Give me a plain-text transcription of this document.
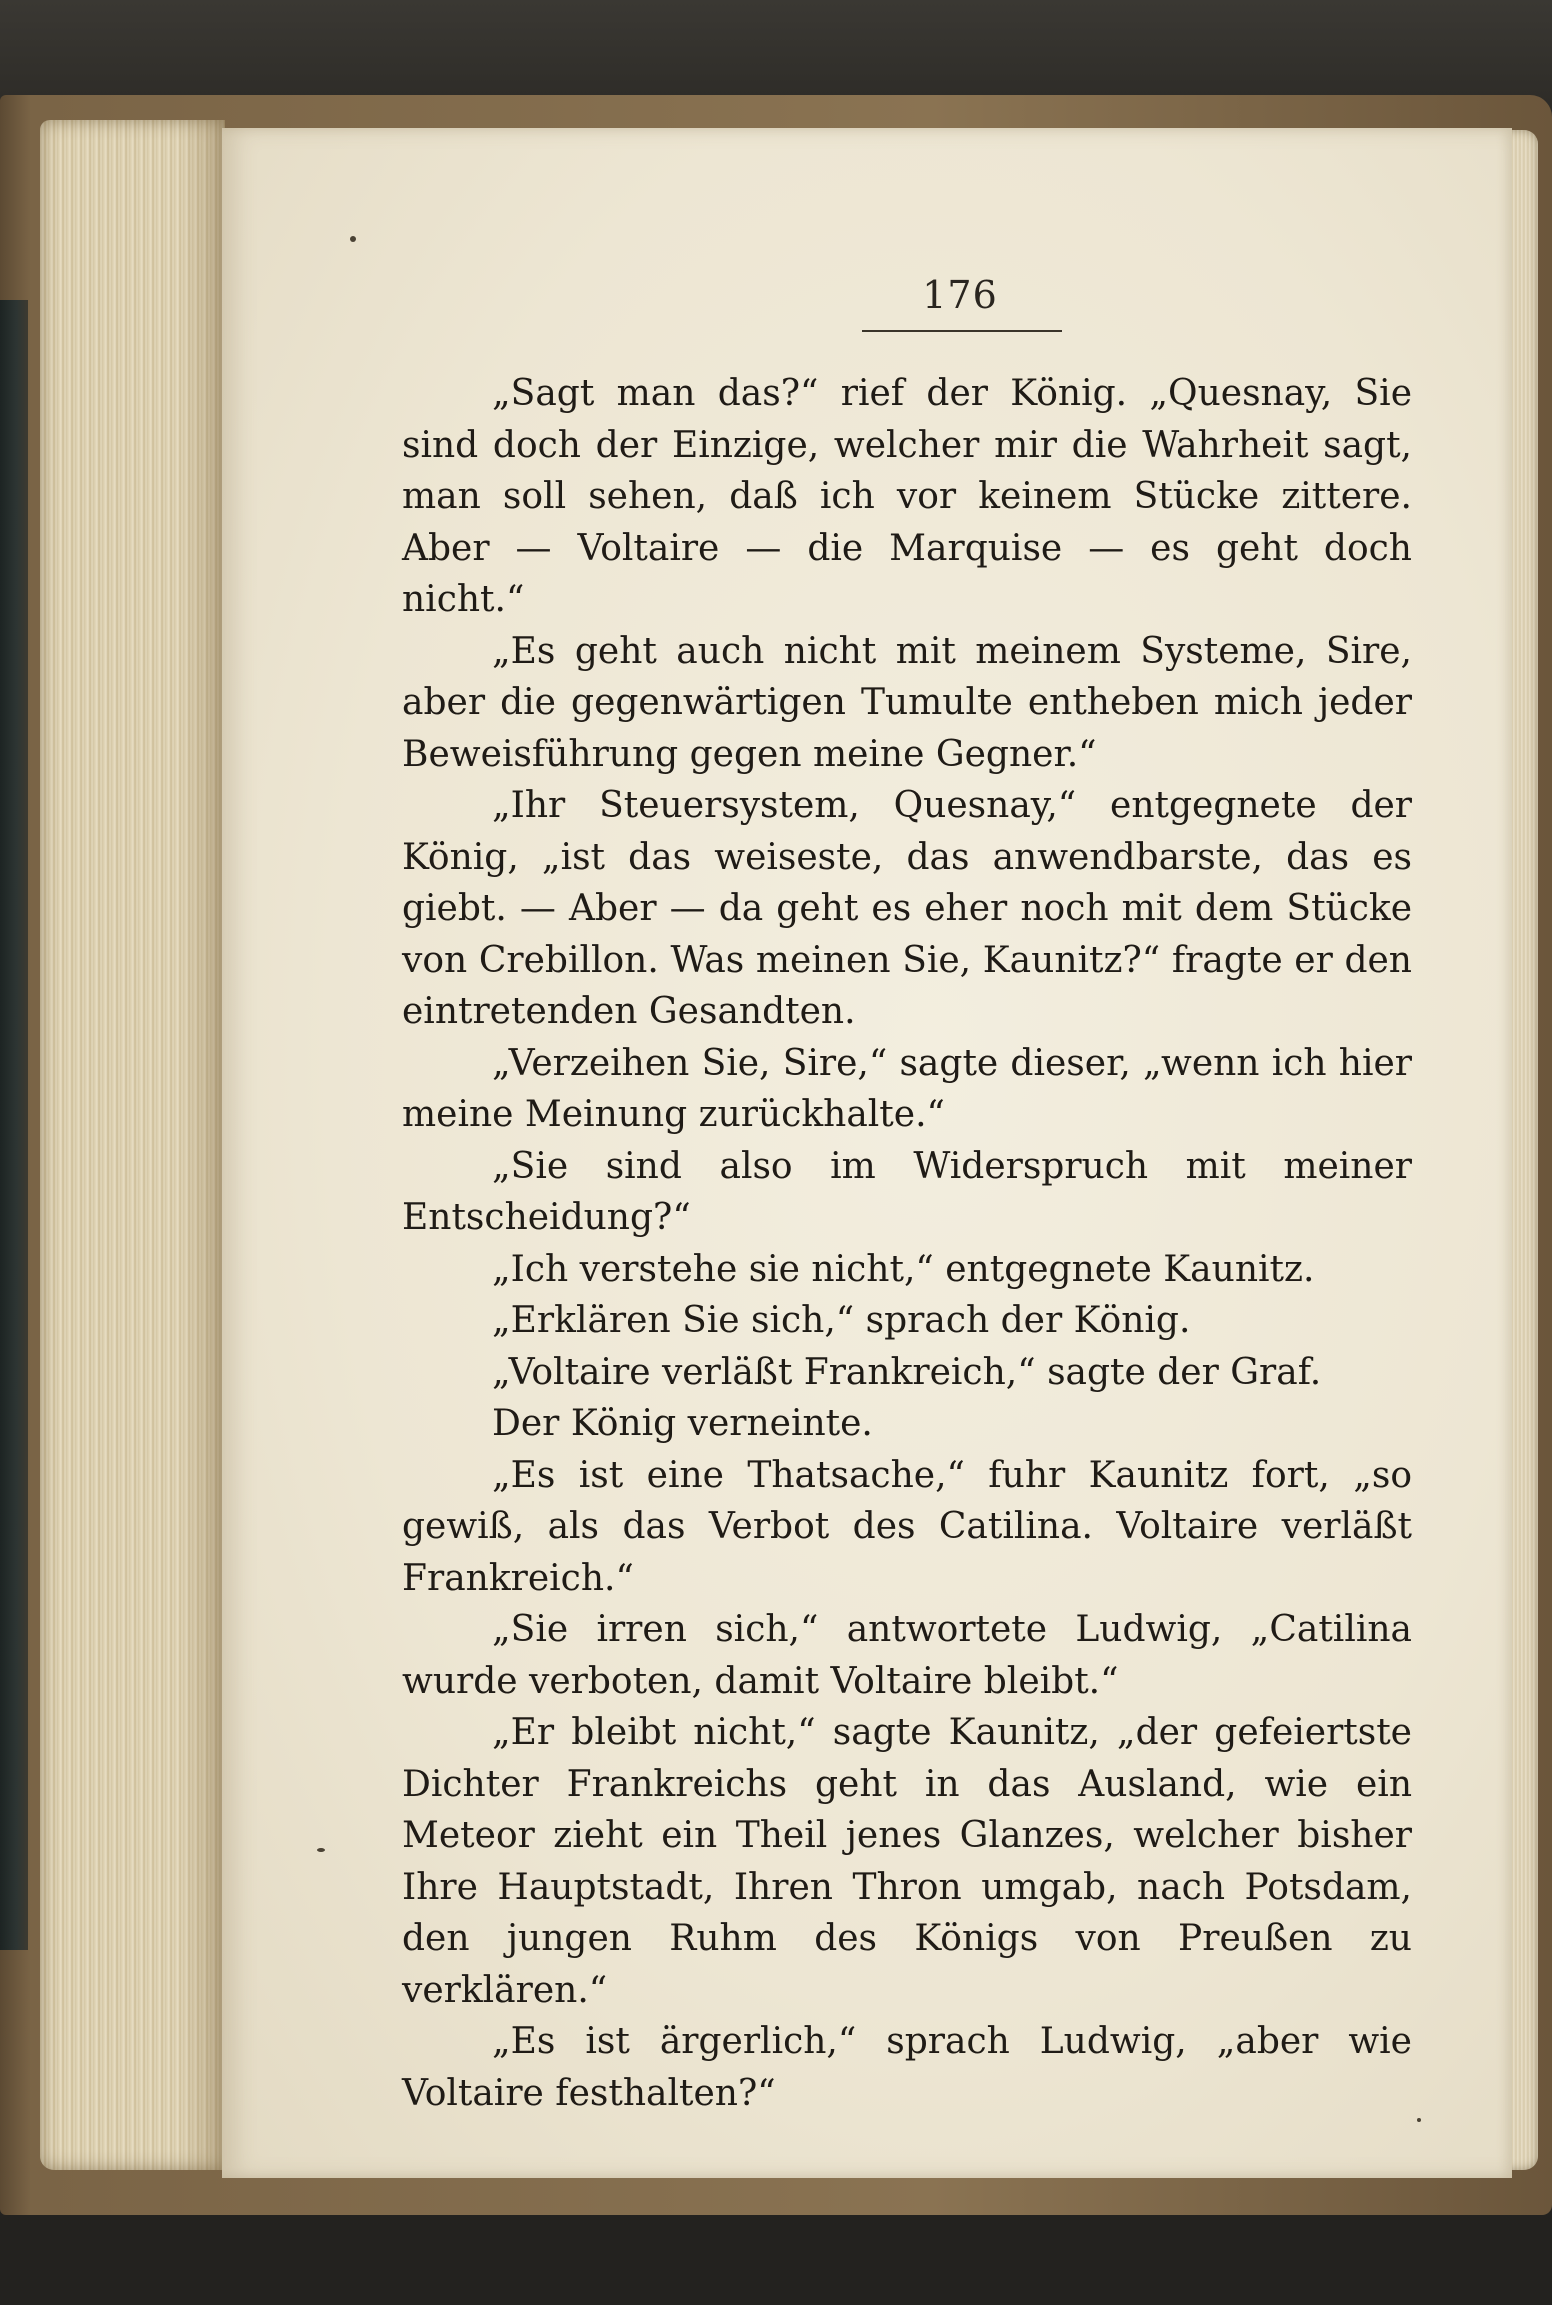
176

„Sagt man das?“ rief der König. „Quesnay, Sie sind doch der Einzige, welcher mir die Wahrheit sagt, man soll sehen, daß ich vor keinem Stücke zittere. Aber — Voltaire — die Marquise — es geht doch nicht.“

„Es geht auch nicht mit meinem Systeme, Sire, aber die gegenwärtigen Tumulte entheben mich jeder Beweisführung gegen meine Gegner.“

„Ihr Steuersystem, Quesnay,“ entgegnete der König, „ist das weiseste, das anwendbarste, das es giebt. — Aber — da geht es eher noch mit dem Stücke von Crebillon. Was meinen Sie, Kaunitz?“ fragte er den eintretenden Gesandten.

„Verzeihen Sie, Sire,“ sagte dieser, „wenn ich hier meine Meinung zurückhalte.“

„Sie sind also im Widerspruch mit meiner Entscheidung?“

„Ich verstehe sie nicht,“ entgegnete Kaunitz.

„Erklären Sie sich,“ sprach der König.

„Voltaire verläßt Frankreich,“ sagte der Graf.

Der König verneinte.

„Es ist eine Thatsache,“ fuhr Kaunitz fort, „so gewiß, als das Verbot des Catilina. Voltaire verläßt Frankreich.“

„Sie irren sich,“ antwortete Ludwig, „Catilina wurde verboten, damit Voltaire bleibt.“

„Er bleibt nicht,“ sagte Kaunitz, „der gefeiertste Dichter Frankreichs geht in das Ausland, wie ein Meteor zieht ein Theil jenes Glanzes, welcher bisher Ihre Hauptstadt, Ihren Thron umgab, nach Potsdam, den jungen Ruhm des Königs von Preußen zu verklären.“

„Es ist ärgerlich,“ sprach Ludwig, „aber wie Voltaire festhalten?“
